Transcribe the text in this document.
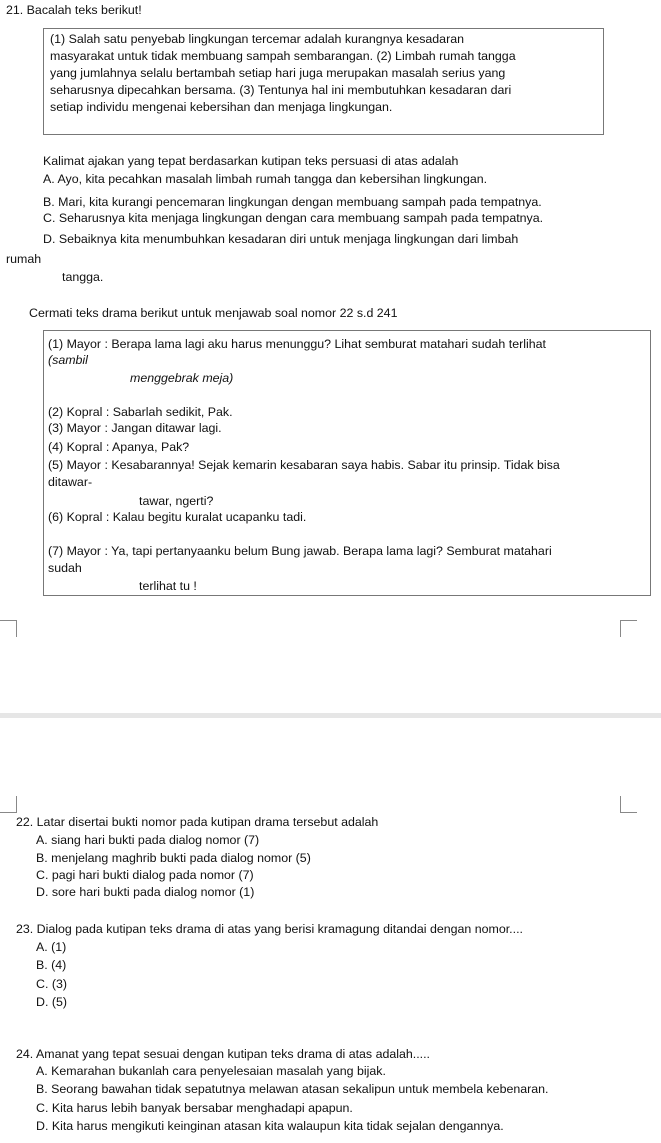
21. Bacalah teks berikut!
(1) Salah satu penyebab lingkungan tercemar adalah kurangnya kesadaran
masyarakat untuk tidak membuang sampah sembarangan. (2) Limbah rumah tangga
yang jumlahnya selalu bertambah setiap hari juga merupakan masalah serius yang
seharusnya dipecahkan bersama. (3) Tentunya hal ini membutuhkan kesadaran dari
setiap individu mengenai kebersihan dan menjaga lingkungan.
Kalimat ajakan yang tepat berdasarkan kutipan teks persuasi di atas adalah
A. Ayo, kita pecahkan masalah limbah rumah tangga dan kebersihan lingkungan.
B. Mari, kita kurangi pencemaran lingkungan dengan membuang sampah pada tempatnya.
C. Seharusnya kita menjaga lingkungan dengan cara membuang sampah pada tempatnya.
D. Sebaiknya kita menumbuhkan kesadaran diri untuk menjaga lingkungan dari limbah
rumah
tangga.
Cermati teks drama berikut untuk menjawab soal nomor 22 s.d 241
(1) Mayor : Berapa lama lagi aku harus menunggu? Lihat semburat matahari sudah terlihat
(sambil
menggebrak meja)
(2) Kopral : Sabarlah sedikit, Pak.
(3) Mayor : Jangan ditawar lagi.
(4) Kopral : Apanya, Pak?
(5) Mayor : Kesabarannya! Sejak kemarin kesabaran saya habis. Sabar itu prinsip. Tidak bisa
ditawar-
tawar, ngerti?
(6) Kopral : Kalau begitu kuralat ucapanku tadi.
(7) Mayor : Ya, tapi pertanyaanku belum Bung jawab. Berapa lama lagi? Semburat matahari
sudah
terlihat tu !
22. Latar disertai bukti nomor pada kutipan drama tersebut adalah
A. siang hari bukti pada dialog nomor (7)
B. menjelang maghrib bukti pada dialog nomor (5)
C. pagi hari bukti dialog pada nomor (7)
D. sore hari bukti pada dialog nomor (1)
23. Dialog pada kutipan teks drama di atas yang berisi kramagung ditandai dengan nomor....
A. (1)
B. (4)
C. (3)
D. (5)
24. Amanat yang tepat sesuai dengan kutipan teks drama di atas adalah.....
A. Kemarahan bukanlah cara penyelesaian masalah yang bijak.
B. Seorang bawahan tidak sepatutnya melawan atasan sekalipun untuk membela kebenaran.
C. Kita harus lebih banyak bersabar menghadapi apapun.
D. Kita harus mengikuti keinginan atasan kita walaupun kita tidak sejalan dengannya.
